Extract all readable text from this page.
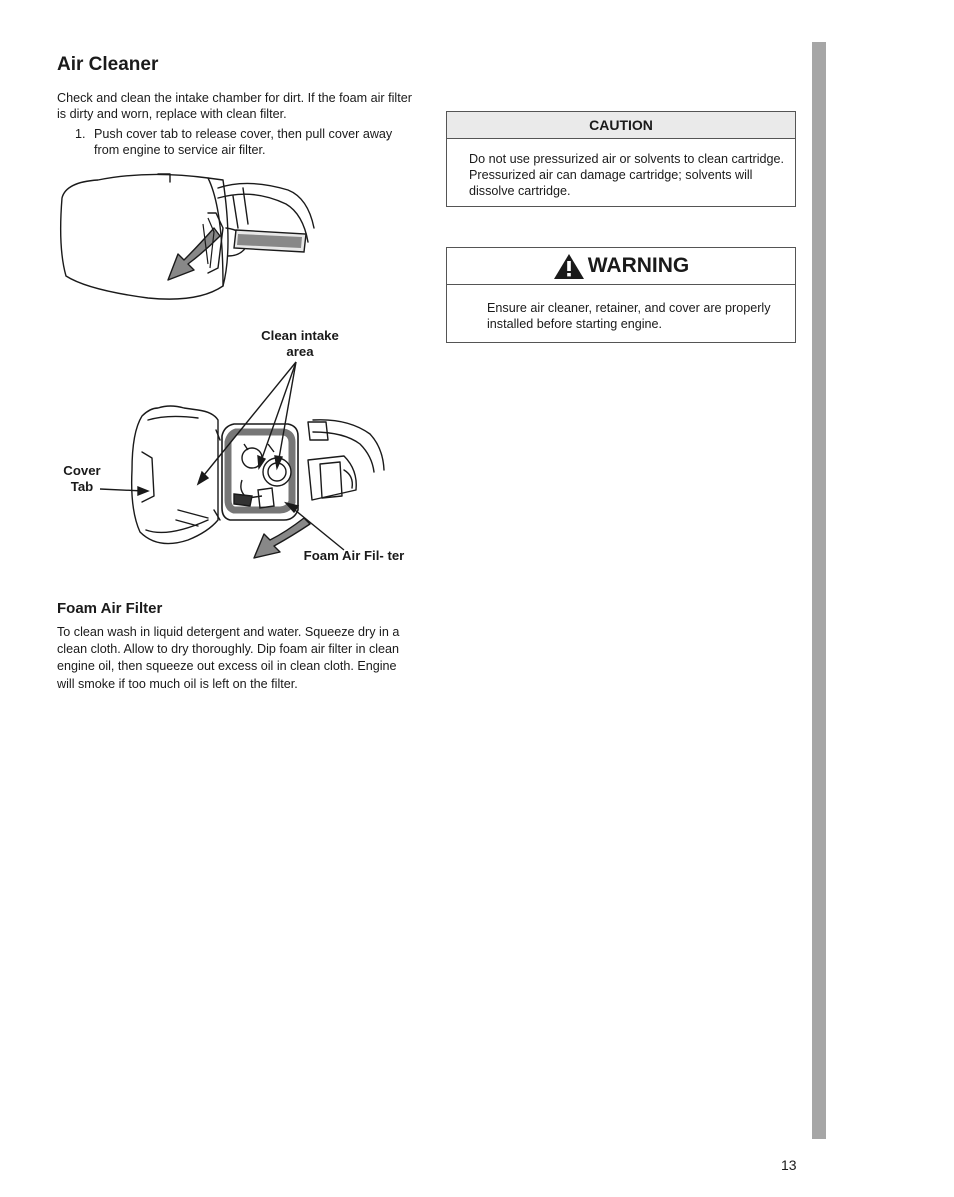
Air Cleaner

Check and clean the intake chamber for dirt. If the foam air filter is dirty and worn, replace with clean filter.

1. Push cover tab to release cover, then pull cover away from engine to service air filter.
Clean intake area
Cover Tab
Foam Air Fil- ter
Foam Air Filter

To clean wash in liquid detergent and water. Squeeze dry in a clean cloth. Allow to dry thoroughly. Dip foam air filter in clean engine oil, then squeeze out excess oil in clean cloth. Engine will smoke if too much oil is left on the filter.

CAUTION
Do not use pressurized air or solvents to clean cartridge. Pressurized air can damage cartridge; solvents will dissolve cartridge.
WARNING
Ensure air cleaner, retainer, and cover are properly installed before starting engine.
13
